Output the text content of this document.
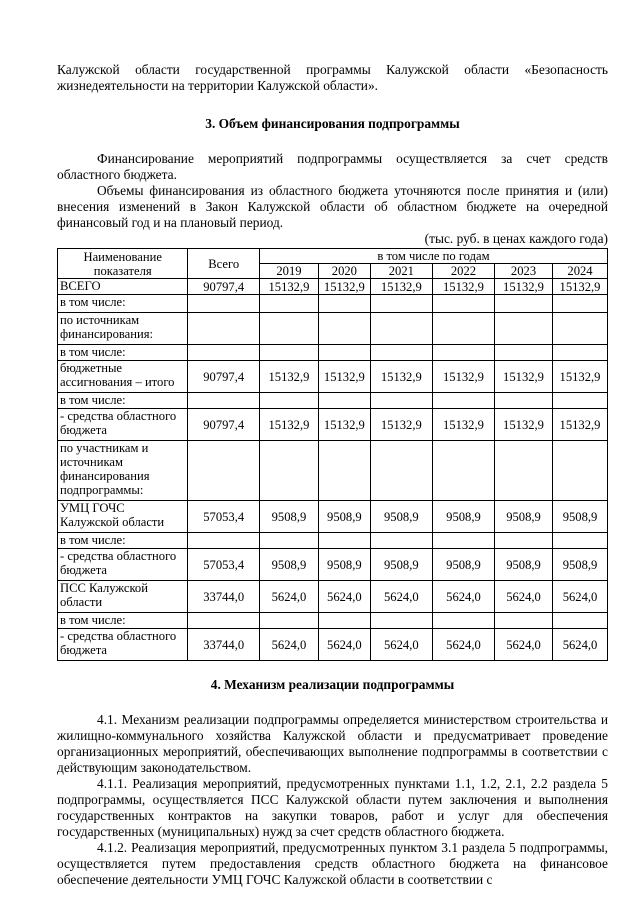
Калужской области государственной программы Калужской области «Безопасность жизнедеятельности на территории Калужской области».

3. Объем финансирования подпрограммы

Финансирование мероприятий подпрограммы осуществляется за счет средств областного бюджета.

Объемы финансирования из областного бюджета уточняются после принятия и (или) внесения изменений в Закон Калужской области об областном бюджете на очередной финансовый год и на плановый период.

(тыс. руб. в ценах каждого года)

Наименование показателя	Всего	в том числе по годам					
		2019	2020	2021	2022	2023	2024
ВСЕГО	90797,4	15132,9	15132,9	15132,9	15132,9	15132,9	15132,9
в том числе:							
по источникам финансирования:							
в том числе:							
бюджетные ассигнования – итого	90797,4	15132,9	15132,9	15132,9	15132,9	15132,9	15132,9
в том числе:							
- средства областного бюджета	90797,4	15132,9	15132,9	15132,9	15132,9	15132,9	15132,9
по участникам и источникам финансирования подпрограммы:							
УМЦ ГОЧС Калужской области	57053,4	9508,9	9508,9	9508,9	9508,9	9508,9	9508,9
в том числе:							
- средства областного бюджета	57053,4	9508,9	9508,9	9508,9	9508,9	9508,9	9508,9
ПСС Калужской области	33744,0	5624,0	5624,0	5624,0	5624,0	5624,0	5624,0
в том числе:							
- средства областного бюджета	33744,0	5624,0	5624,0	5624,0	5624,0	5624,0	5624,0
4. Механизм реализации подпрограммы

4.1. Механизм реализации подпрограммы определяется министерством строительства и жилищно-коммунального хозяйства Калужской области и предусматривает проведение организационных мероприятий, обеспечивающих выполнение подпрограммы в соответствии с действующим законодательством.

4.1.1. Реализация мероприятий, предусмотренных пунктами 1.1, 1.2, 2.1, 2.2 раздела 5 подпрограммы, осуществляется ПСС Калужской области путем заключения и выполнения государственных контрактов на закупки товаров, работ и услуг для обеспечения государственных (муниципальных) нужд за счет средств областного бюджета.

4.1.2. Реализация мероприятий, предусмотренных пунктом 3.1 раздела 5 подпрограммы, осуществляется путем предоставления средств областного бюджета на финансовое обеспечение деятельности УМЦ ГОЧС Калужской области в соответствии с
